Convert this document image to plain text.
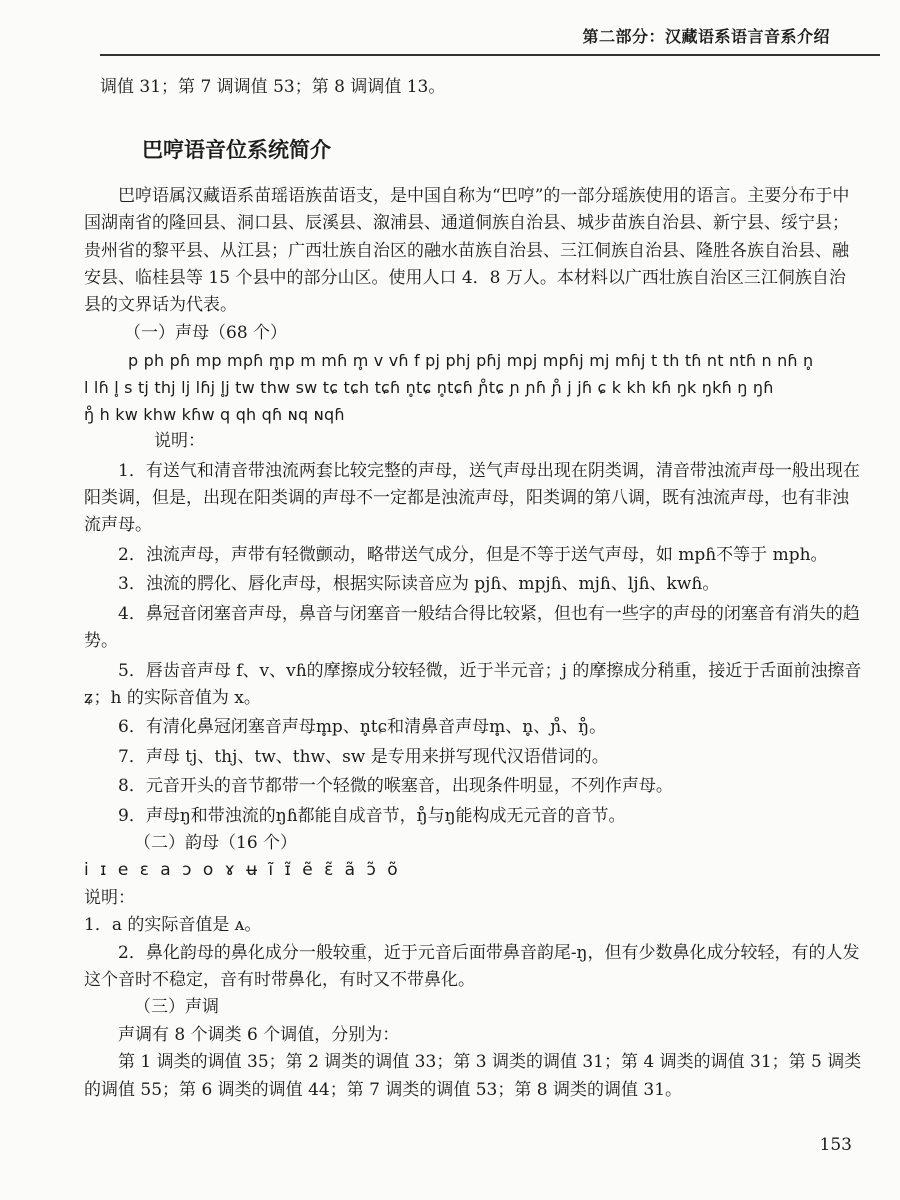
第二部分：汉藏语系语言音系介绍

调值 31；第 7 调调值 53；第 8 调调值 13。

巴哼语音位系统简介

巴哼语属汉藏语系苗瑶语族苗语支，是中国自称为“巴哼”的一部分瑶族使用的语言。主要分布于中国湖南省的隆回县、洞口县、辰溪县、溆浦县、通道侗族自治县、城步苗族自治县、新宁县、绥宁县；贵州省的黎平县、从江县；广西壮族自治区的融水苗族自治县、三江侗族自治县、隆胜各族自治县、融安县、临桂县等 15 个县中的部分山区。使用人口 4．8 万人。本材料以广西壮族自治区三江侗族自治县的文界话为代表。

（一）声母（68 个）

p ph pɦ mp mpɦ m̥p m mɦ m̥ v vɦ f pj phj pɦj mpj mpɦj mj mɦj t th tɦ nt ntɦ n nɦ n̥

l lɦ l̥ s tj thj lj lɦj l̥j tw thw sw tɕ tɕh tɕɦ n̥tɕ n̥tɕɦ ɲ̊tɕ ɲ ɲɦ ɲ̊ j jɦ ɕ k kh kɦ ŋk ŋkɦ ŋ ŋɦ

ŋ̊ h kw khw kɦw q qh qɦ ɴq ɴqɦ

说明：

1．有送气和清音带浊流两套比较完整的声母，送气声母出现在阴类调，清音带浊流声母一般出现在阳类调，但是，出现在阳类调的声母不一定都是浊流声母，阳类调的第八调，既有浊流声母，也有非浊流声母。

2．浊流声母，声带有轻微颤动，略带送气成分，但是不等于送气声母，如 mpɦ不等于 mph。

3．浊流的腭化、唇化声母，根据实际读音应为 pjɦ、mpjɦ、mjɦ、ljɦ、kwɦ。

4．鼻冠音闭塞音声母，鼻音与闭塞音一般结合得比较紧，但也有一些字的声母的闭塞音有消失的趋势。

5．唇齿音声母 f、v、vɦ的摩擦成分较轻微，近于半元音；j 的摩擦成分稍重，接近于舌面前浊擦音ʑ；h 的实际音值为 x。

6．有清化鼻冠闭塞音声母m̥p、n̥tɕ和清鼻音声母m̥、n̥、ɲ̊、ŋ̊。

7．声母 tj、thj、tw、thw、sw 是专用来拼写现代汉语借词的。

8．元音开头的音节都带一个轻微的喉塞音，出现条件明显，不列作声母。

9．声母ŋ和带浊流的ŋɦ都能自成音节，ŋ̊与ŋ能构成无元音的音节。

（二）韵母（16 个）

i ɪ e ɛ a ɔ o ɤ ʉ ĩ ɪ̃ ẽ ɛ̃ ã ɔ̃ õ

说明：

1．a 的实际音值是 ᴀ。

2．鼻化韵母的鼻化成分一般较重，近于元音后面带鼻音韵尾-ŋ，但有少数鼻化成分较轻，有的人发这个音时不稳定，音有时带鼻化，有时又不带鼻化。

（三）声调

声调有 8 个调类 6 个调值，分别为：

第 1 调类的调值 35；第 2 调类的调值 33；第 3 调类的调值 31；第 4 调类的调值 31；第 5 调类的调值 55；第 6 调类的调值 44；第 7 调类的调值 53；第 8 调类的调值 31。

153
